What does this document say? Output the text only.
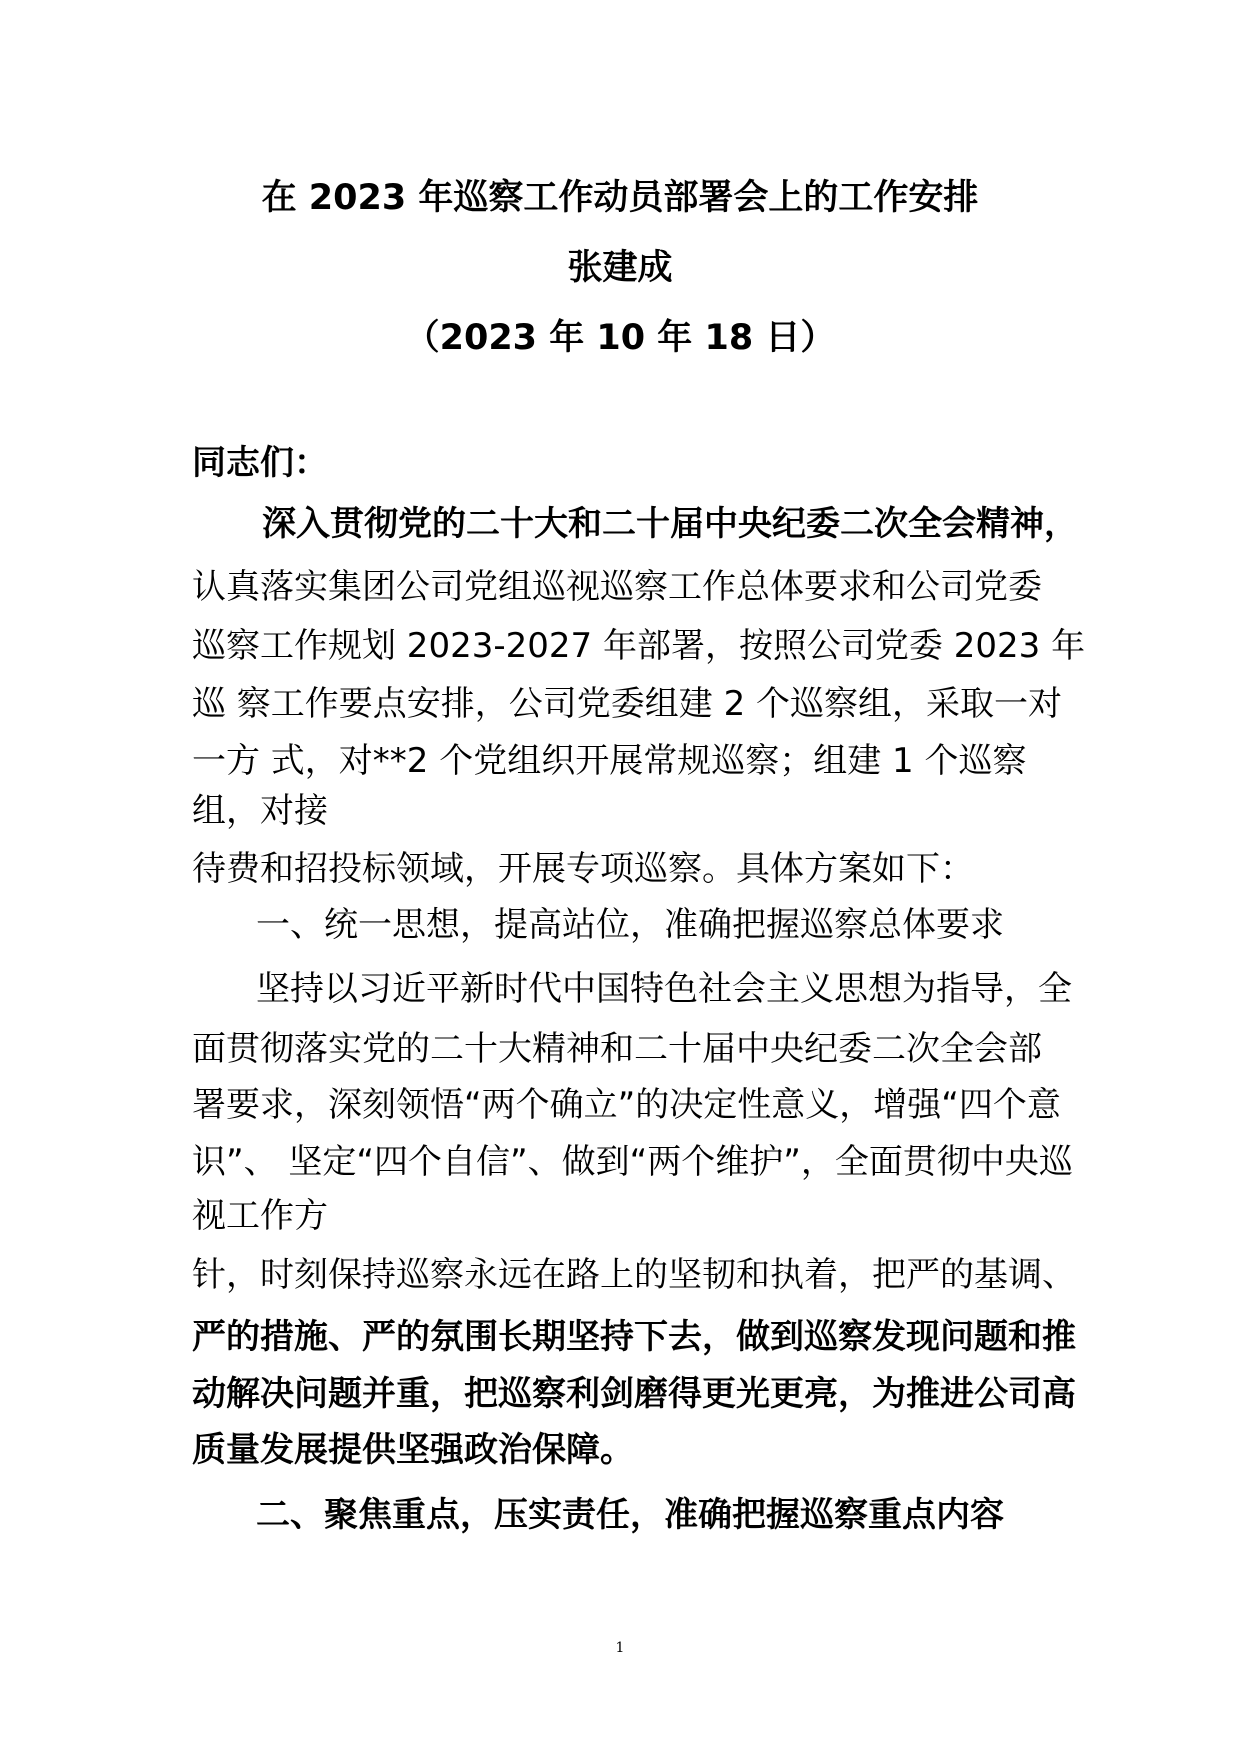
在 2023 年巡察工作动员部署会上的工作安排
张建成
（2023 年 10 年 18 日）
同志们：
深入贯彻党的二十大和二十届中央纪委二次全会精神，
认真落实集团公司党组巡视巡察工作总体要求和公司党委
巡察工作规划 2023-2027 年部署，按照公司党委 2023 年
巡 察工作要点安排，公司党委组建 2 个巡察组，采取一对
一方 式，对**2 个党组织开展常规巡察；组建 1 个巡察
组，对接
待费和招投标领域，开展专项巡察。具体方案如下：
一、统一思想，提高站位，准确把握巡察总体要求
坚持以习近平新时代中国特色社会主义思想为指导，全
面贯彻落实党的二十大精神和二十届中央纪委二次全会部
署要求，深刻领悟“两个确立”的决定性意义，增强“四个意
识”、 坚定“四个自信”、做到“两个维护”，全面贯彻中央巡
视工作方
针，时刻保持巡察永远在路上的坚韧和执着，把严的基调、
严的措施、严的氛围长期坚持下去，做到巡察发现问题和推
动解决问题并重，把巡察利剑磨得更光更亮，为推进公司高
质量发展提供坚强政治保障。
二、聚焦重点，压实责任，准确把握巡察重点内容
1
